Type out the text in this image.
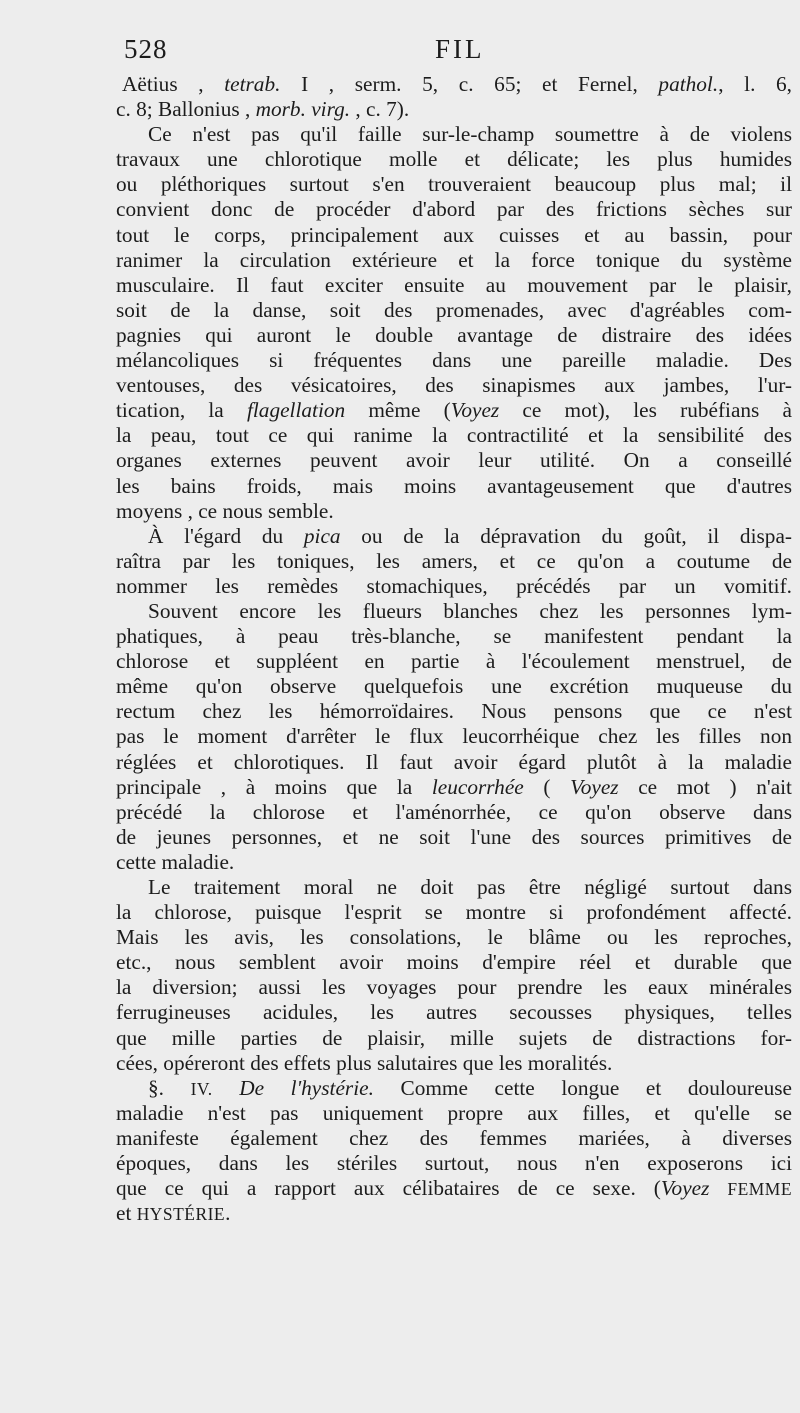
528	FIL
Aëtius , tetrab. I , serm. 5, c. 65; et Fernel, pathol., l. 6,
c. 8; Ballonius , morb. virg. , c. 7).
Ce n'est pas qu'il faille sur-le-champ soumettre à de violens
travaux une chlorotique molle et délicate; les plus humides
ou pléthoriques surtout s'en trouveraient beaucoup plus mal; il
convient donc de procéder d'abord par des frictions sèches sur
tout le corps, principalement aux cuisses et au bassin, pour
ranimer la circulation extérieure et la force tonique du système
musculaire. Il faut exciter ensuite au mouvement par le plaisir,
soit de la danse, soit des promenades, avec d'agréables com-
pagnies qui auront le double avantage de distraire des idées
mélancoliques si fréquentes dans une pareille maladie. Des
ventouses, des vésicatoires, des sinapismes aux jambes, l'ur-
tication, la flagellation même (Voyez ce mot), les rubéfians à
la peau, tout ce qui ranime la contractilité et la sensibilité des
organes externes peuvent avoir leur utilité. On a conseillé
les bains froids, mais moins avantageusement que d'autres
moyens , ce nous semble.
À l'égard du pica ou de la dépravation du goût, il dispa-
raîtra par les toniques, les amers, et ce qu'on a coutume de
nommer les remèdes stomachiques, précédés par un vomitif.
Souvent encore les flueurs blanches chez les personnes lym-
phatiques, à peau très-blanche, se manifestent pendant la
chlorose et suppléent en partie à l'écoulement menstruel, de
même qu'on observe quelquefois une excrétion muqueuse du
rectum chez les hémorroïdaires. Nous pensons que ce n'est
pas le moment d'arrêter le flux leucorrhéique chez les filles non
réglées et chlorotiques. Il faut avoir égard plutôt à la maladie
principale , à moins que la leucorrhée ( Voyez ce mot ) n'ait
précédé la chlorose et l'aménorrhée, ce qu'on observe dans
de jeunes personnes, et ne soit l'une des sources primitives de
cette maladie.
Le traitement moral ne doit pas être négligé surtout dans
la chlorose, puisque l'esprit se montre si profondément affecté.
Mais les avis, les consolations, le blâme ou les reproches,
etc., nous semblent avoir moins d'empire réel et durable que
la diversion; aussi les voyages pour prendre les eaux minérales
ferrugineuses acidules, les autres secousses physiques, telles
que mille parties de plaisir, mille sujets de distractions for-
cées, opéreront des effets plus salutaires que les moralités.
§. IV. De l'hystérie. Comme cette longue et douloureuse
maladie n'est pas uniquement propre aux filles, et qu'elle se
manifeste également chez des femmes mariées, à diverses
époques, dans les stériles surtout, nous n'en exposerons ici
que ce qui a rapport aux célibataires de ce sexe. (Voyez FEMME
et HYSTÉRIE.
